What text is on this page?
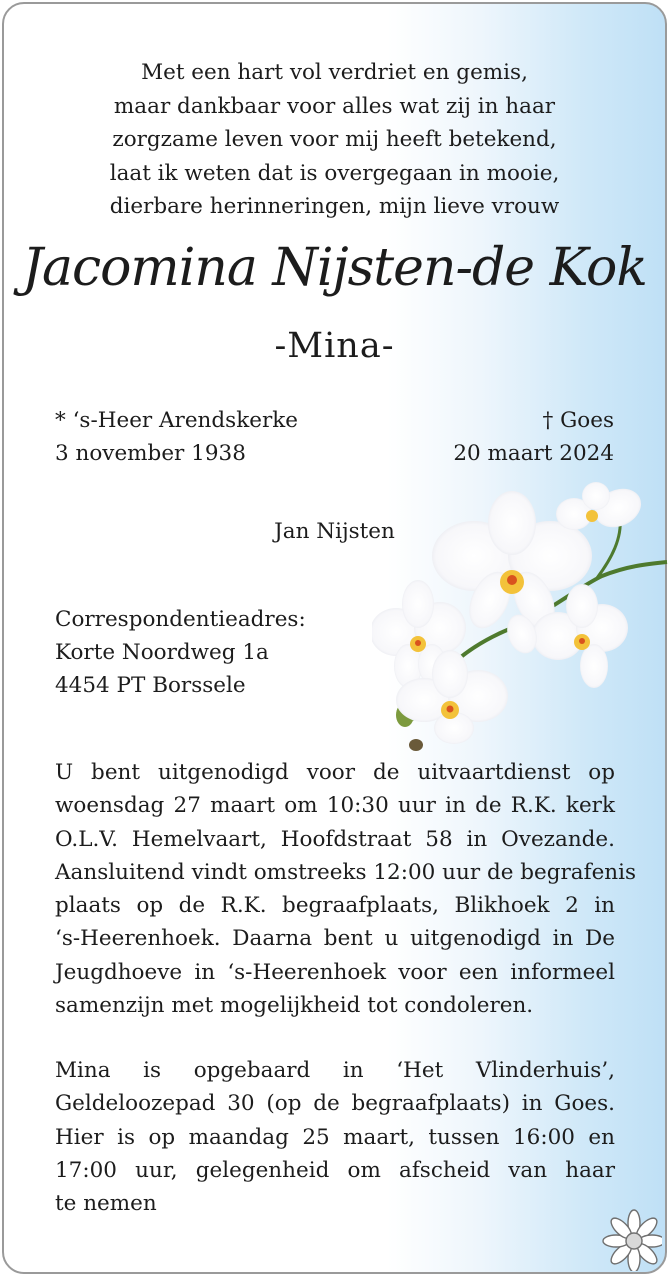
Met een hart vol verdriet en gemis,
maar dankbaar voor alles wat zij in haar
zorgzame leven voor mij heeft betekend,
laat ik weten dat is overgegaan in mooie,
dierbare herinneringen, mijn lieve vrouw
Jacomina Nijsten-de Kok
-Mina-
* ‘s-Heer Arendskerke
3 november 1938
† Goes
20 maart 2024
Jan Nijsten
Correspondentieadres:
Korte Noordweg 1a
4454 PT Borssele
U bent uitgenodigd voor de uitvaartdienst op
woensdag 27 maart om 10:30 uur in de R.K. kerk
O.L.V. Hemelvaart, Hoofdstraat 58 in Ovezande.
Aansluitend vindt omstreeks 12:00 uur de begrafenis
plaats op de R.K. begraafplaats, Blikhoek 2 in
‘s-Heerenhoek. Daarna bent u uitgenodigd in De
Jeugdhoeve in ‘s-Heerenhoek voor een informeel
samenzijn met mogelijkheid tot condoleren.
Mina is opgebaard in ‘Het Vlinderhuis’,
Geldeloozepad 30 (op de begraafplaats) in Goes.
Hier is op maandag 25 maart, tussen 16:00 en
17:00 uur, gelegenheid om afscheid van haar
te nemen
